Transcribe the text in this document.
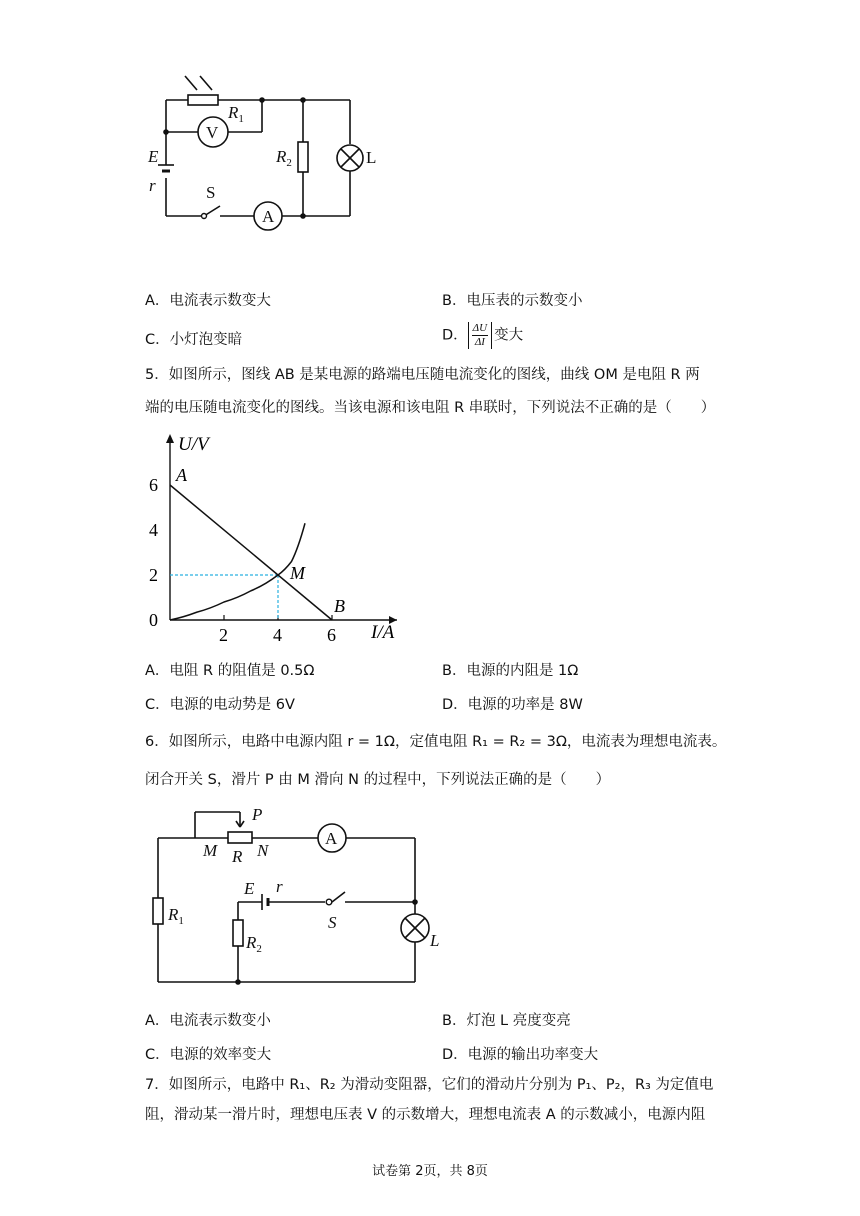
$R_1$
V
E
r
$R_2$	L
S
A
A．电流表示数变大	B．电压表的示数变小
C．小灯泡变暗	D． $\frac{\Delta U}{\Delta I}$ 变大
5．如图所示，图线 AB 是某电源的路端电压随电流变化的图线，曲线 OM 是电阻 R 两
端的电压随电流变化的图线。当该电源和该电阻 R 串联时，下列说法不正确的是（　　）
U/V
I/A
0
2
4
6
2	4	6
A
M
B
A．电阻 R 的阻值是 0.5Ω	B．电源的内阻是 1Ω
C．电源的电动势是 6V	D．电源的功率是 8W
6．如图所示，电路中电源内阻 r = 1Ω，定值电阻 R₁ = R₂ = 3Ω，电流表为理想电流表。
闭合开关 S，滑片 P 由 M 滑向 N 的过程中，下列说法正确的是（　　）
P
M R N
A
$R_1$
E r
S
$R_2$	L
A．电流表示数变小	B．灯泡 L 亮度变亮
C．电源的效率变大	D．电源的输出功率变大
7．如图所示，电路中 R₁、R₂ 为滑动变阻器，它们的滑动片分别为 P₁、P₂，R₃ 为定值电
阻，滑动某一滑片时，理想电压表 V 的示数增大，理想电流表 A 的示数减小，电源内阻
试卷第 2页，共 8页
